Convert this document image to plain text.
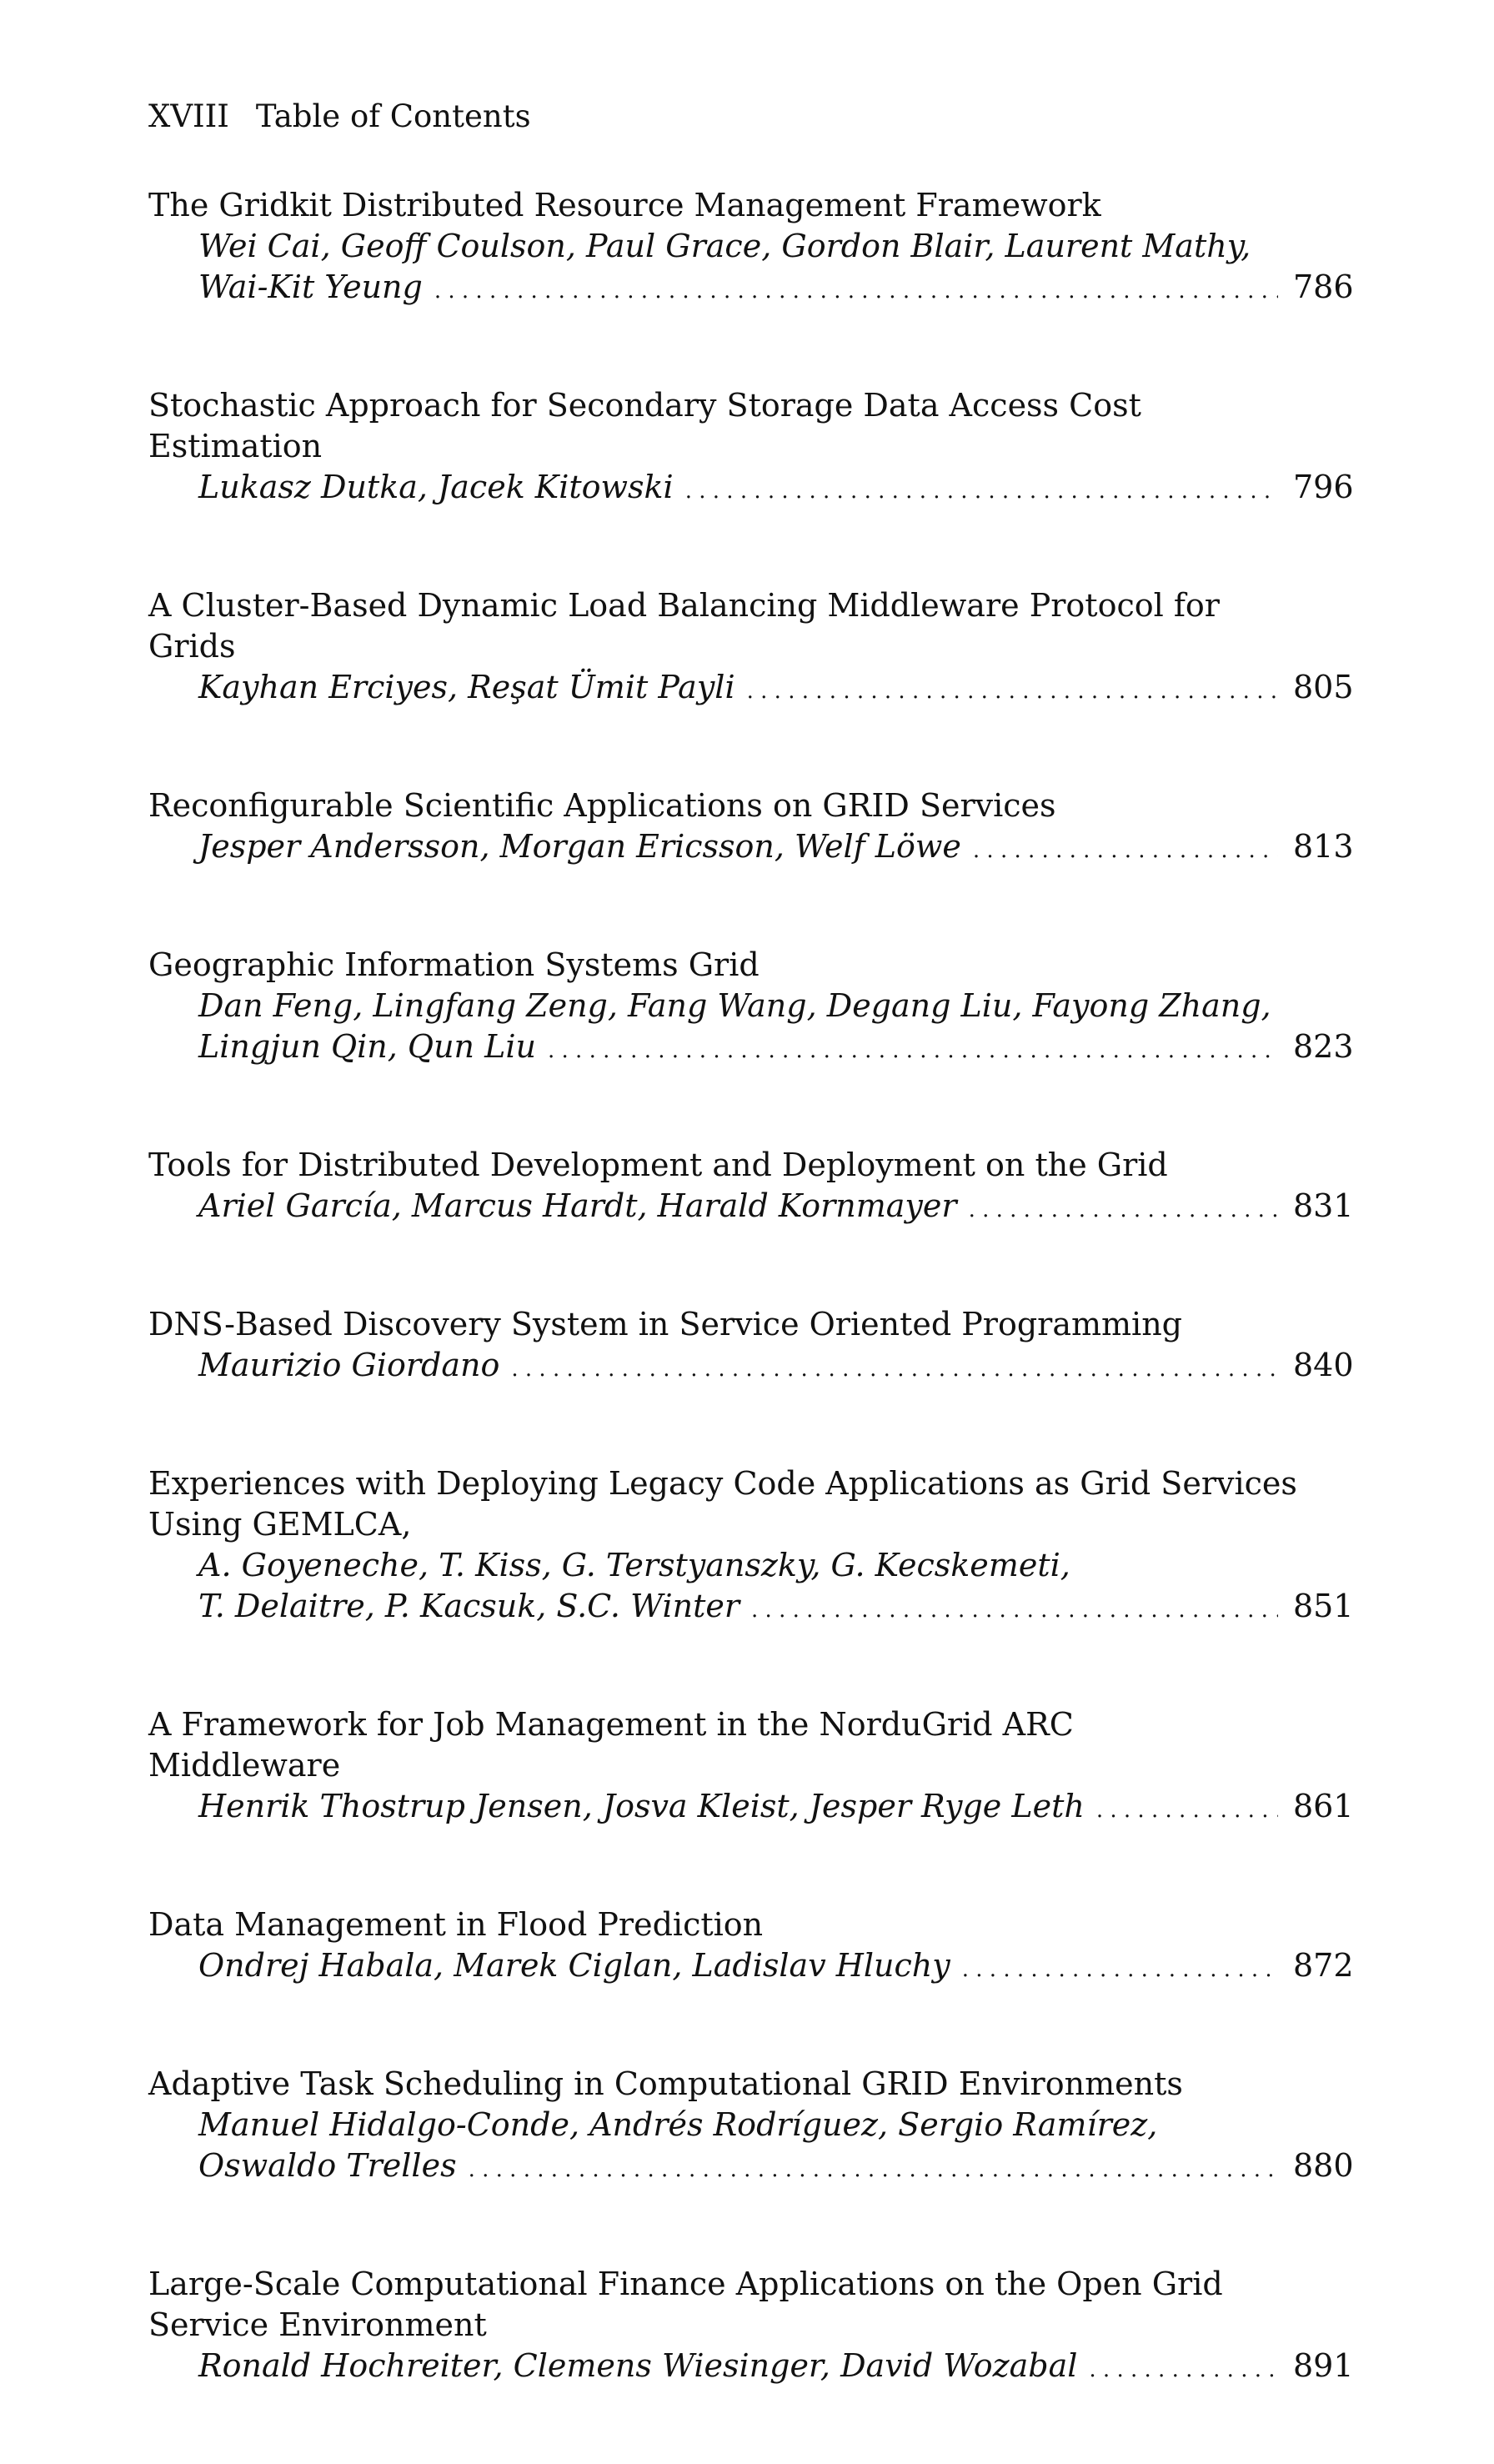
XVIII Table of Contents
The Gridkit Distributed Resource Management Framework
Wei Cai, Geoff Coulson, Paul Grace, Gordon Blair, Laurent Mathy,
Wai-Kit Yeung . . .	786
Stochastic Approach for Secondary Storage Data Access Cost
Estimation
Lukasz Dutka, Jacek Kitowski . . .	796
A Cluster-Based Dynamic Load Balancing Middleware Protocol for
Grids
Kayhan Erciyes, Reşat Ümit Payli . . .	805
Reconfigurable Scientific Applications on GRID Services
Jesper Andersson, Morgan Ericsson, Welf Löwe . . .	813
Geographic Information Systems Grid
Dan Feng, Lingfang Zeng, Fang Wang, Degang Liu, Fayong Zhang,
Lingjun Qin, Qun Liu . . .	823
Tools for Distributed Development and Deployment on the Grid
Ariel García, Marcus Hardt, Harald Kornmayer . . .	831
DNS-Based Discovery System in Service Oriented Programming
Maurizio Giordano . . .	840
Experiences with Deploying Legacy Code Applications as Grid Services
Using GEMLCA,
A. Goyeneche, T. Kiss, G. Terstyanszky, G. Kecskemeti,
T. Delaitre, P. Kacsuk, S.C. Winter . . .	851
A Framework for Job Management in the NorduGrid ARC
Middleware
Henrik Thostrup Jensen, Josva Kleist, Jesper Ryge Leth . . .	861
Data Management in Flood Prediction
Ondrej Habala, Marek Ciglan, Ladislav Hluchy . . .	872
Adaptive Task Scheduling in Computational GRID Environments
Manuel Hidalgo-Conde, Andrés Rodríguez, Sergio Ramírez,
Oswaldo Trelles . . .	880
Large-Scale Computational Finance Applications on the Open Grid
Service Environment
Ronald Hochreiter, Clemens Wiesinger, David Wozabal . . .	891
